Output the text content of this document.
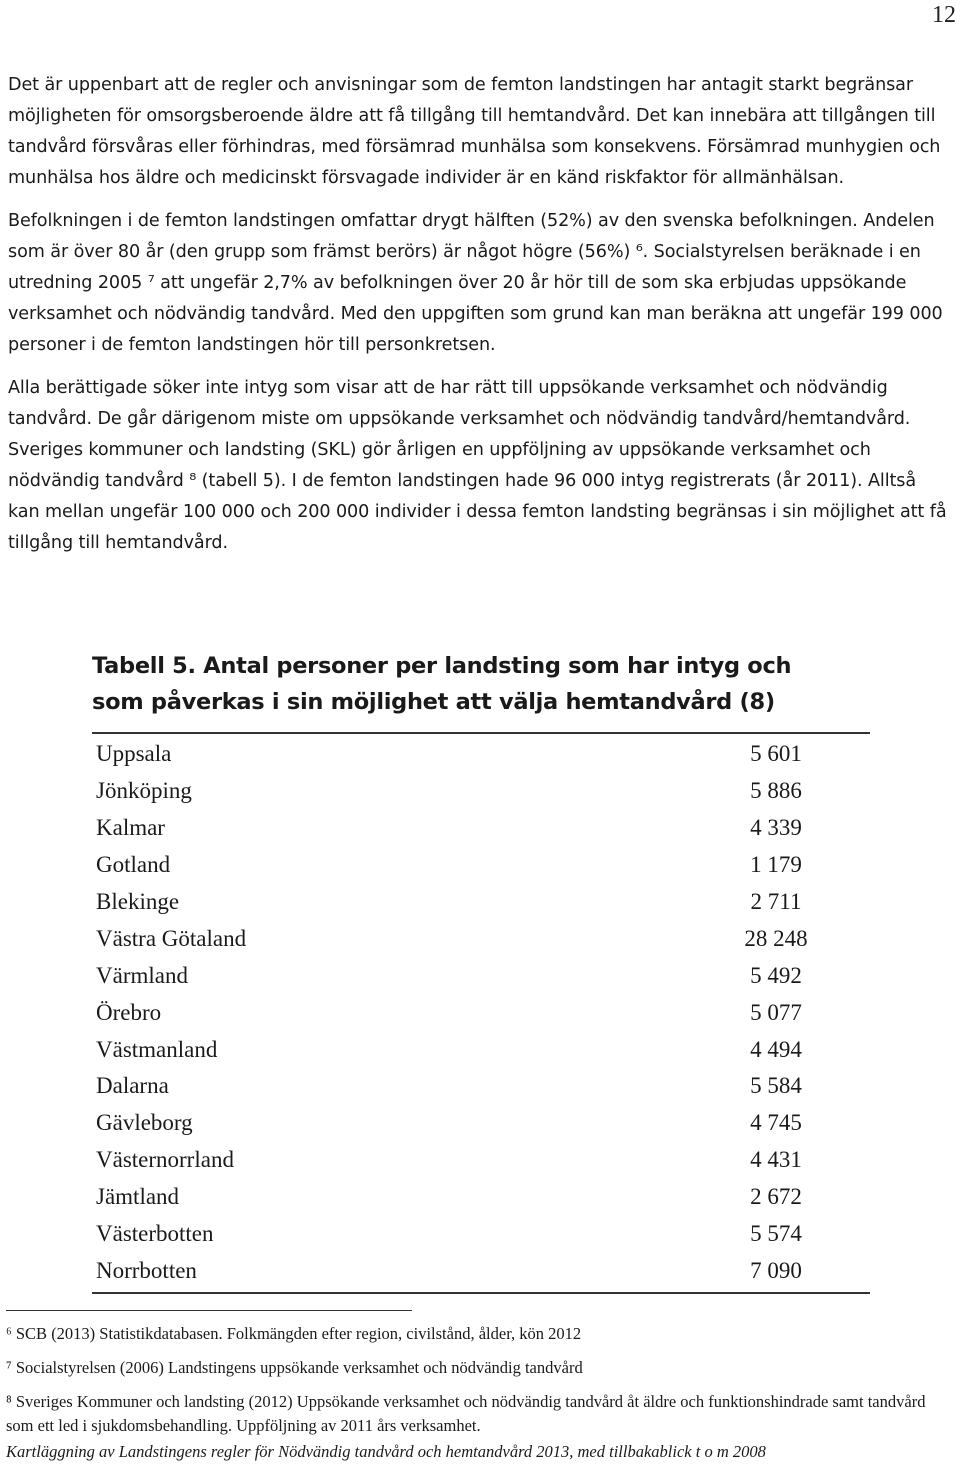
12

Det är uppenbart att de regler och anvisningar som de femton landstingen har antagit starkt begränsar möjligheten för omsorgsberoende äldre att få tillgång till hemtandvård. Det kan innebära att tillgången till tandvård försvåras eller förhindras, med försämrad munhälsa som konsekvens. Försämrad munhygien och munhälsa hos äldre och medicinskt försvagade individer är en känd riskfaktor för allmänhälsan.

Befolkningen i de femton landstingen omfattar drygt hälften (52%) av den svenska befolkningen. Andelen som är över 80 år (den grupp som främst berörs) är något högre (56%) ⁶. Socialstyrelsen beräknade i en utredning 2005 ⁷ att ungefär 2,7% av befolkningen över 20 år hör till de som ska erbjudas uppsökande verksamhet och nödvändig tandvård. Med den uppgiften som grund kan man beräkna att ungefär 199 000 personer i de femton landstingen hör till personkretsen.

Alla berättigade söker inte intyg som visar att de har rätt till uppsökande verksamhet och nödvändig tandvård. De går därigenom miste om uppsökande verksamhet och nödvändig tandvård/hemtandvård. Sveriges kommuner och landsting (SKL) gör årligen en uppföljning av uppsökande verksamhet och nödvändig tandvård ⁸ (tabell 5). I de femton landstingen hade 96 000 intyg registrerats (år 2011). Alltså kan mellan ungefär 100 000 och 200 000 individer i dessa femton landsting begränsas i sin möjlighet att få tillgång till hemtandvård.

Tabell 5. Antal personer per landsting som har intyg och
som påverkas i sin möjlighet att välja hemtandvård (8)
Uppsala	5 601
Jönköping	5 886
Kalmar	4 339
Gotland	1 179
Blekinge	2 711
Västra Götaland	28 248
Värmland	5 492
Örebro	5 077
Västmanland	4 494
Dalarna	5 584
Gävleborg	4 745
Västernorrland	4 431
Jämtland	2 672
Västerbotten	5 574
Norrbotten	7 090

⁶ SCB (2013) Statistikdatabasen. Folkmängden efter region, civilstånd, ålder, kön 2012

⁷ Socialstyrelsen (2006) Landstingens uppsökande verksamhet och nödvändig tandvård

⁸ Sveriges Kommuner och landsting (2012) Uppsökande verksamhet och nödvändig tandvård åt äldre och funktionshindrade samt tandvård som ett led i sjukdomsbehandling. Uppföljning av 2011 års verksamhet.

Kartläggning av Landstingens regler för Nödvändig tandvård och hemtandvård 2013, med tillbakablick t o m 2008
